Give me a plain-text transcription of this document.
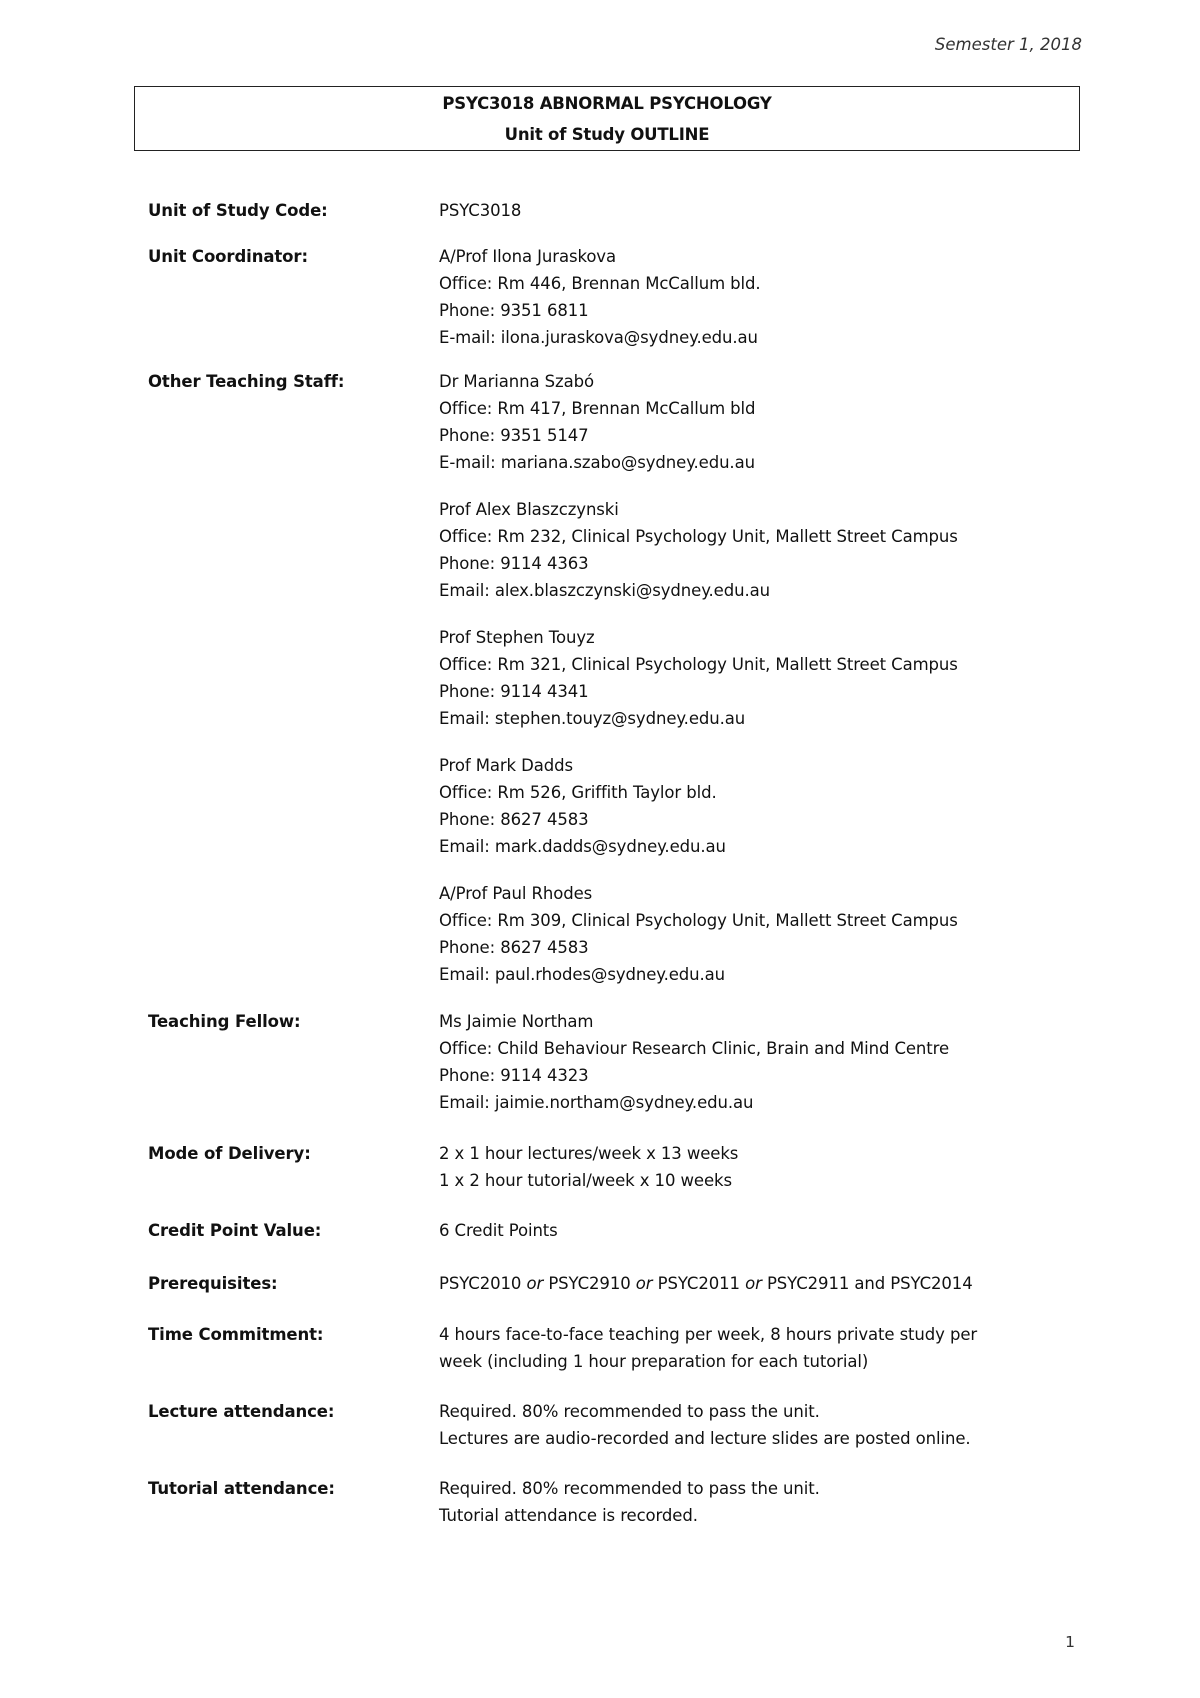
Semester 1, 2018
PSYC3018 ABNORMAL PSYCHOLOGY
Unit of Study OUTLINE
Unit of Study Code:	PSYC3018
Unit Coordinator:	A/Prof Ilona Juraskova
Office: Rm 446, Brennan McCallum bld.
Phone: 9351 6811
E-mail: ilona.juraskova@sydney.edu.au
Other Teaching Staff:	Dr Marianna Szabó
Office: Rm 417, Brennan McCallum bld
Phone: 9351 5147
E-mail: mariana.szabo@sydney.edu.au
Prof Alex Blaszczynski
Office: Rm 232, Clinical Psychology Unit, Mallett Street Campus
Phone: 9114 4363
Email: alex.blaszczynski@sydney.edu.au
Prof Stephen Touyz
Office: Rm 321, Clinical Psychology Unit, Mallett Street Campus
Phone: 9114 4341
Email: stephen.touyz@sydney.edu.au
Prof Mark Dadds
Office: Rm 526, Griffith Taylor bld.
Phone: 8627 4583
Email: mark.dadds@sydney.edu.au
A/Prof Paul Rhodes
Office: Rm 309, Clinical Psychology Unit, Mallett Street Campus
Phone: 8627 4583
Email: paul.rhodes@sydney.edu.au
Teaching Fellow:	Ms Jaimie Northam
Office: Child Behaviour Research Clinic, Brain and Mind Centre
Phone: 9114 4323
Email: jaimie.northam@sydney.edu.au
Mode of Delivery:	2 x 1 hour lectures/week x 13 weeks
1 x 2 hour tutorial/week x 10 weeks
Credit Point Value:	6 Credit Points
Prerequisites:	PSYC2010 or PSYC2910 or PSYC2011 or PSYC2911 and PSYC2014
Time Commitment:	4 hours face-to-face teaching per week, 8 hours private study per
week (including 1 hour preparation for each tutorial)
Lecture attendance:	Required. 80% recommended to pass the unit.
Lectures are audio-recorded and lecture slides are posted online.
Tutorial attendance:	Required. 80% recommended to pass the unit.
Tutorial attendance is recorded.
1
